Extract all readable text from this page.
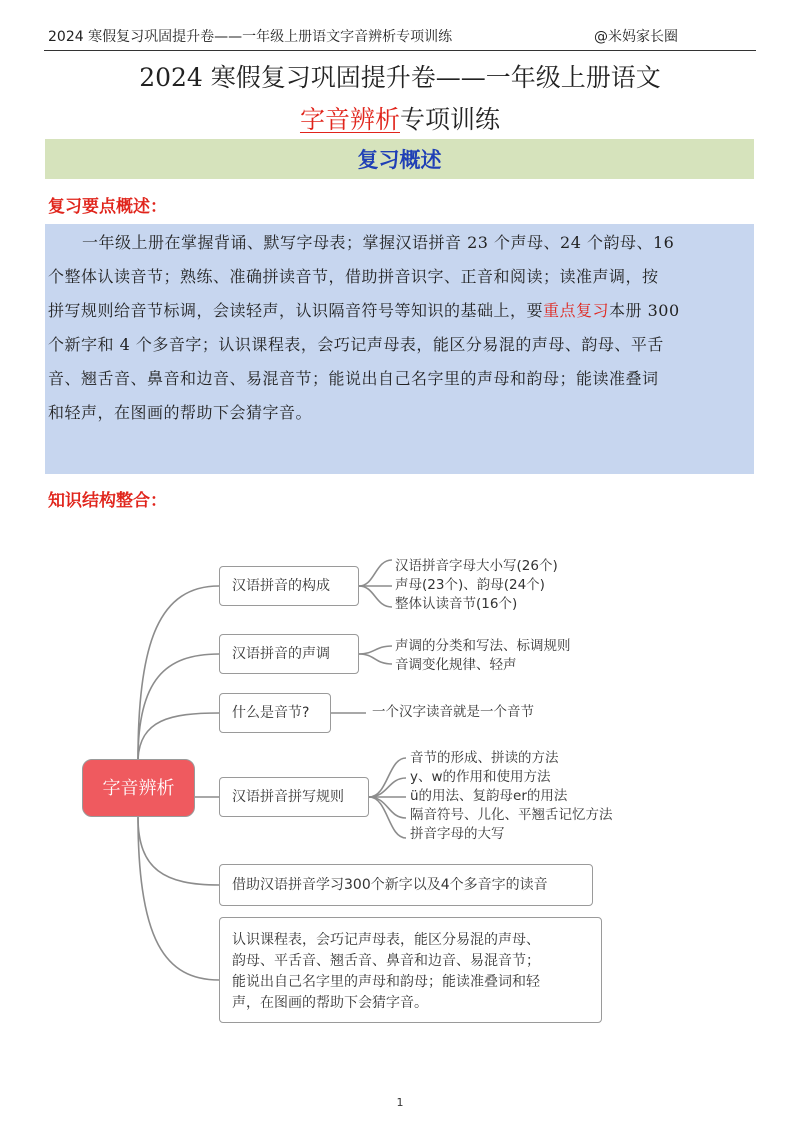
2024 寒假复习巩固提升卷——一年级上册语文字音辨析专项训练	@米妈家长圈
2024 寒假复习巩固提升卷——一年级上册语文
字音辨析专项训练
复习概述
复习要点概述：
一年级上册在掌握背诵、默写字母表；掌握汉语拼音 23 个声母、24 个韵母、16
个整体认读音节；熟练、准确拼读音节，借助拼音识字、正音和阅读；读准声调，按
拼写规则给音节标调，会读轻声，认识隔音符号等知识的基础上，要重点复习本册 300
个新字和 4 个多音字；认识课程表，会巧记声母表，能区分易混的声母、韵母、平舌
音、翘舌音、鼻音和边音、易混音节；能说出自己名字里的声母和韵母；能读准叠词
和轻声，在图画的帮助下会猜字音。
知识结构整合：
字音辨析
汉语拼音的构成
汉语拼音的声调
什么是音节?
汉语拼音拼写规则
借助汉语拼音学习300个新字以及4个多音字的读音
认识课程表，会巧记声母表，能区分易混的声母、
韵母、平舌音、翘舌音、鼻音和边音、易混音节；
能说出自己名字里的声母和韵母；能读准叠词和轻
声，在图画的帮助下会猜字音。
汉语拼音字母大小写(26个)
声母(23个)、韵母(24个)
整体认读音节(16个)
声调的分类和写法、标调规则
音调变化规律、轻声
一个汉字读音就是一个音节
音节的形成、拼读的方法
y、w的作用和使用方法
ü的用法、复韵母er的用法
隔音符号、儿化、平翘舌记忆方法
拼音字母的大写
1
